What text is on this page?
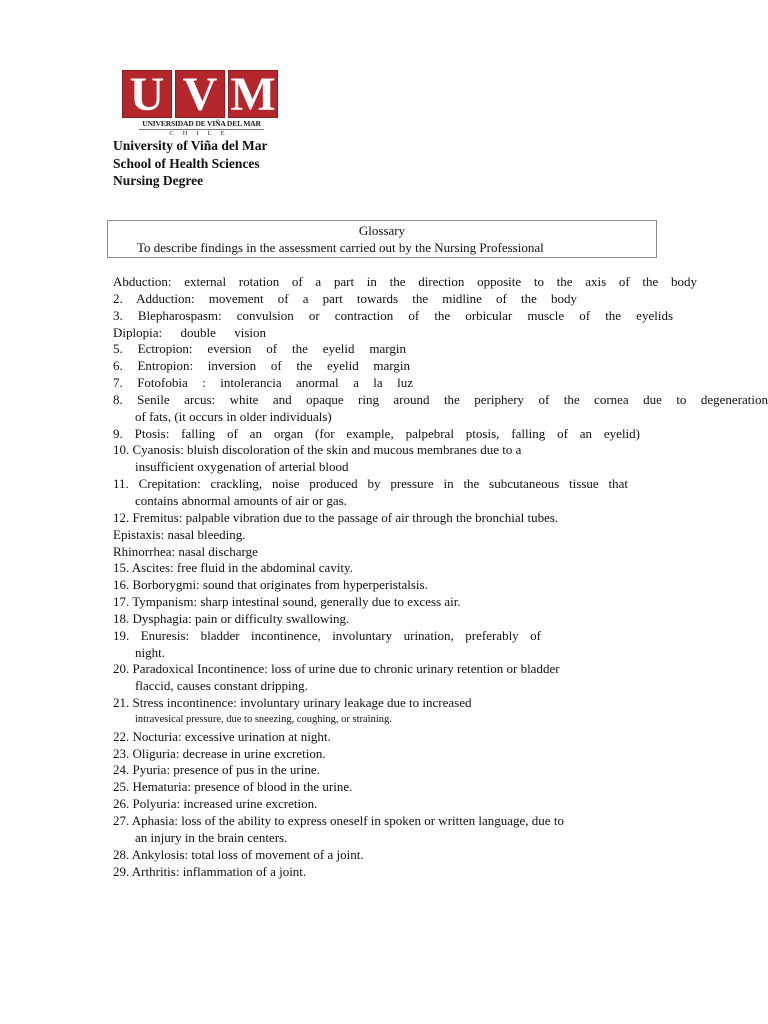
U V M
UNIVERSIDAD DE VIÑA DEL MAR
CHILE
University of Viña del Mar
School of Health Sciences
Nursing Degree
Glossary
To describe findings in the assessment carried out by the Nursing Professional
Abduction: external rotation of a part in the direction opposite to the axis of the body
2. Adduction: movement of a part towards the midline of the body
3. Blepharospasm: convulsion or contraction of the orbicular muscle of the eyelids
Diplopia: double vision
5. Ectropion: eversion of the eyelid margin
6. Entropion: inversion of the eyelid margin
7. Fotofobia : intolerancia anormal a la luz
8. Senile arcus: white and opaque ring around the periphery of the cornea due to degeneration
of fats, (it occurs in older individuals)
9. Ptosis: falling of an organ (for example, palpebral ptosis, falling of an eyelid)
10. Cyanosis: bluish discoloration of the skin and mucous membranes due to a
insufficient oxygenation of arterial blood
11. Crepitation: crackling, noise produced by pressure in the subcutaneous tissue that
contains abnormal amounts of air or gas.
12. Fremitus: palpable vibration due to the passage of air through the bronchial tubes.
Epistaxis: nasal bleeding.
Rhinorrhea: nasal discharge
15. Ascites: free fluid in the abdominal cavity.
16. Borborygmi: sound that originates from hyperperistalsis.
17. Tympanism: sharp intestinal sound, generally due to excess air.
18. Dysphagia: pain or difficulty swallowing.
19. Enuresis: bladder incontinence, involuntary urination, preferably of
night.
20. Paradoxical Incontinence: loss of urine due to chronic urinary retention or bladder
flaccid, causes constant dripping.
21. Stress incontinence: involuntary urinary leakage due to increased
intravesical pressure, due to sneezing, coughing, or straining.
22. Nocturia: excessive urination at night.
23. Oliguria: decrease in urine excretion.
24. Pyuria: presence of pus in the urine.
25. Hematuria: presence of blood in the urine.
26. Polyuria: increased urine excretion.
27. Aphasia: loss of the ability to express oneself in spoken or written language, due to
an injury in the brain centers.
28. Ankylosis: total loss of movement of a joint.
29. Arthritis: inflammation of a joint.
